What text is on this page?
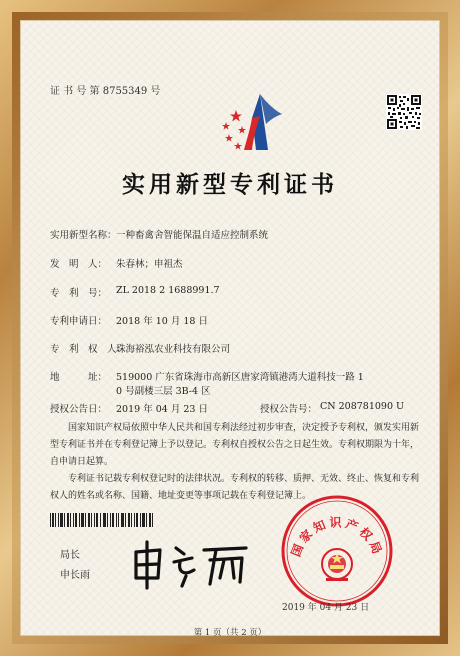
证 书 号 第 8755349 号
实用新型专利证书
实用新型名称： 一种畜禽舍智能保温自适应控制系统
发　明　人： 朱春林；申祖杰
专　利　号： ZL 2018 2 1688991.7
专利申请日： 2018 年 10 月 18 日
专　利　权　人：
珠海裕泓农业科技有限公司
地　　　址： 519000 广东省珠海市高新区唐家湾镇港湾大道科技一路 1
0 号副楼三层 3B-4 区
授权公告日： 2019 年 04 月 23 日	授权公告号： CN 208781090 U

国家知识产权局依照中华人民共和国专利法经过初步审查，决定授予专利权，颁发实用新型专利证书并在专利登记簿上予以登记。专利权自授权公告之日起生效。专利权期限为十年，自申请日起算。

专利证书记载专利权登记时的法律状况。专利权的转移、质押、无效、终止、恢复和专利权人的姓名或名称、国籍、地址变更等事项记载在专利登记簿上。

局长
申长雨
国家知识产权局
2019 年 04 月 23 日
第 1 页（共 2 页）
